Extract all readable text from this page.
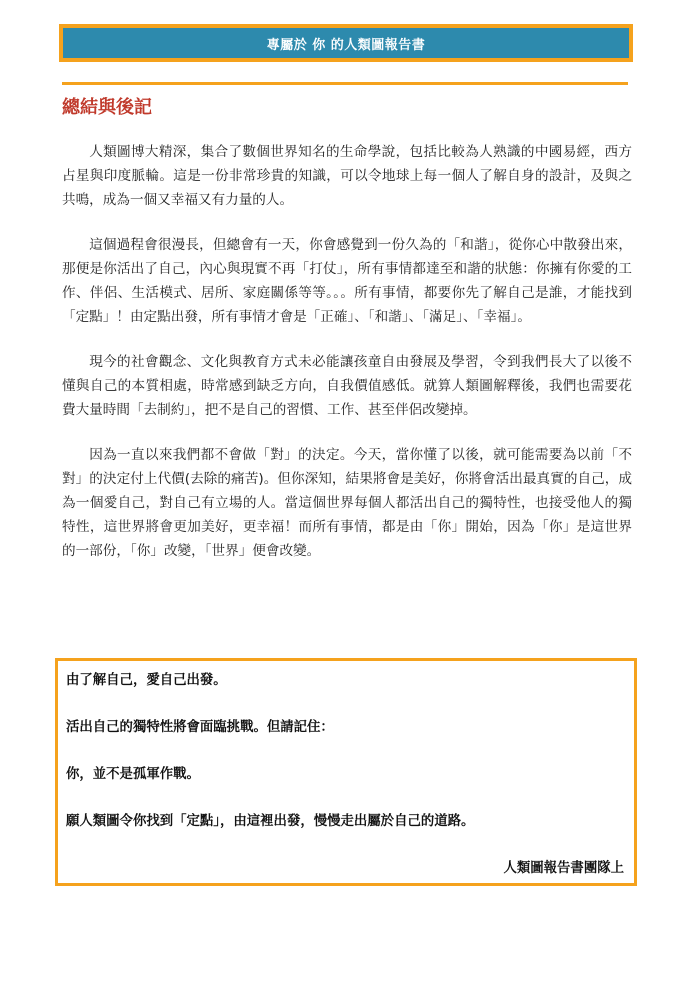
專屬於 你 的人類圖報告書
總結與後記

人類圖博大精深，集合了數個世界知名的生命學說，包括比較為人熟識的中國易經，西方占星與印度脈輪。這是一份非常珍貴的知識，可以令地球上每一個人了解自身的設計，及與之共鳴，成為一個又幸福又有力量的人。

這個過程會很漫長，但總會有一天，你會感覺到一份久為的「和諧」，從你心中散發出來，那便是你活出了自己，內心與現實不再「打仗」，所有事情都達至和諧的狀態：你擁有你愛的工作、伴侶、生活模式、居所、家庭關係等等。。。所有事情，都要你先了解自己是誰，才能找到「定點」！由定點出發，所有事情才會是「正確」、「和諧」、「滿足」、「幸福」。

現今的社會觀念、文化與教育方式未必能讓孩童自由發展及學習，令到我們長大了以後不懂與自己的本質相處，時常感到缺乏方向，自我價值感低。就算人類圖解釋後，我們也需要花費大量時間「去制約」，把不是自己的習慣、工作、甚至伴侶改變掉。

因為一直以來我們都不會做「對」的決定。今天，當你懂了以後，就可能需要為以前「不對」的決定付上代價(去除的痛苦)。但你深知，結果將會是美好，你將會活出最真實的自己，成為一個愛自己，對自己有立場的人。當這個世界每個人都活出自己的獨特性，也接受他人的獨特性，這世界將會更加美好，更幸福！而所有事情，都是由「你」開始，因為「你」是這世界的一部份，「你」改變，「世界」便會改變。

由了解自己，愛自己出發。
活出自己的獨特性將會面臨挑戰。但請記住：
你，並不是孤軍作戰。
願人類圖令你找到「定點」，由這裡出發，慢慢走出屬於自己的道路。
人類圖報告書團隊上
